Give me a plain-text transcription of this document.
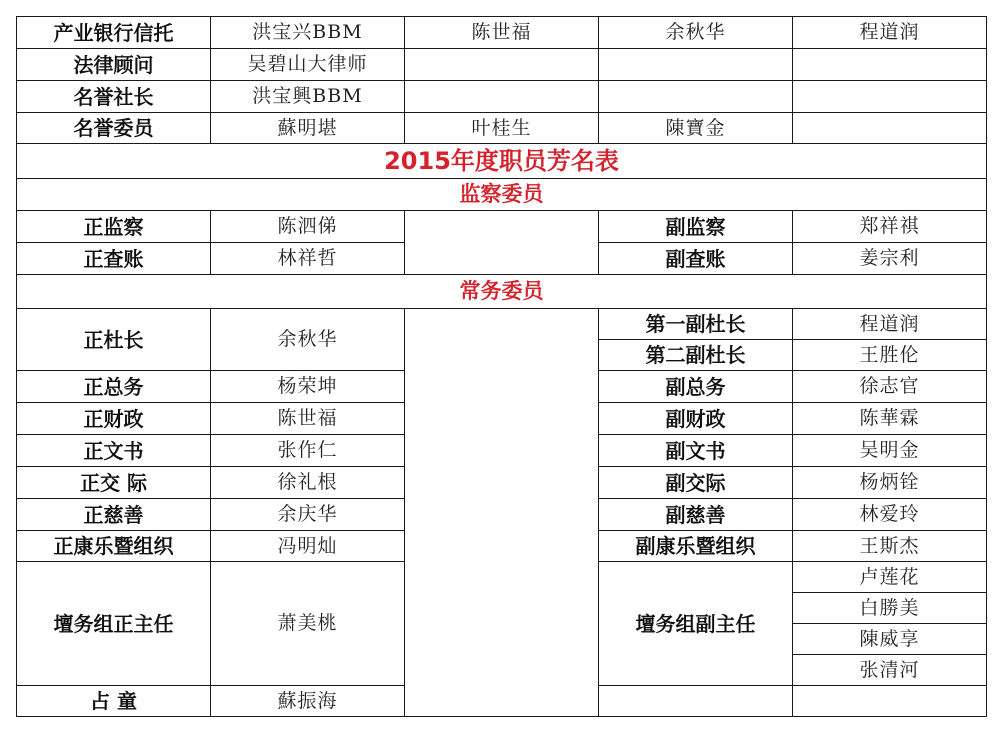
产业银行信托	洪宝兴BBM	陈世福	余秋华	程道润
法律顾问	吴碧山大律师			
名誉社长	洪宝興BBM			
名誉委员	蘇明堪	叶桂生	陳寶金	
2015年度职员芳名表				
监察委员				
正监察	陈泗俤		副监察	郑祥祺
正查账	林祥哲		副查账	姜宗利
常务委员				
正杜长	余秋华		第一副杜长	程道润
			第二副杜长	王胜伦
正总务	杨荣坤		副总务	徐志官
正财政	陈世福		副财政	陈華霖
正文书	张作仁		副文书	吴明金
正交 际	徐礼根		副交际	杨炳铨
正慈善	余庆华		副慈善	林爱玲
正康乐暨组织	冯明灿		副康乐暨组织	王斯杰
壇务组正主任	萧美桃		壇务组副主任	卢莲花
				白勝美
				陳威享
				张清河
占 童	蘇振海			
